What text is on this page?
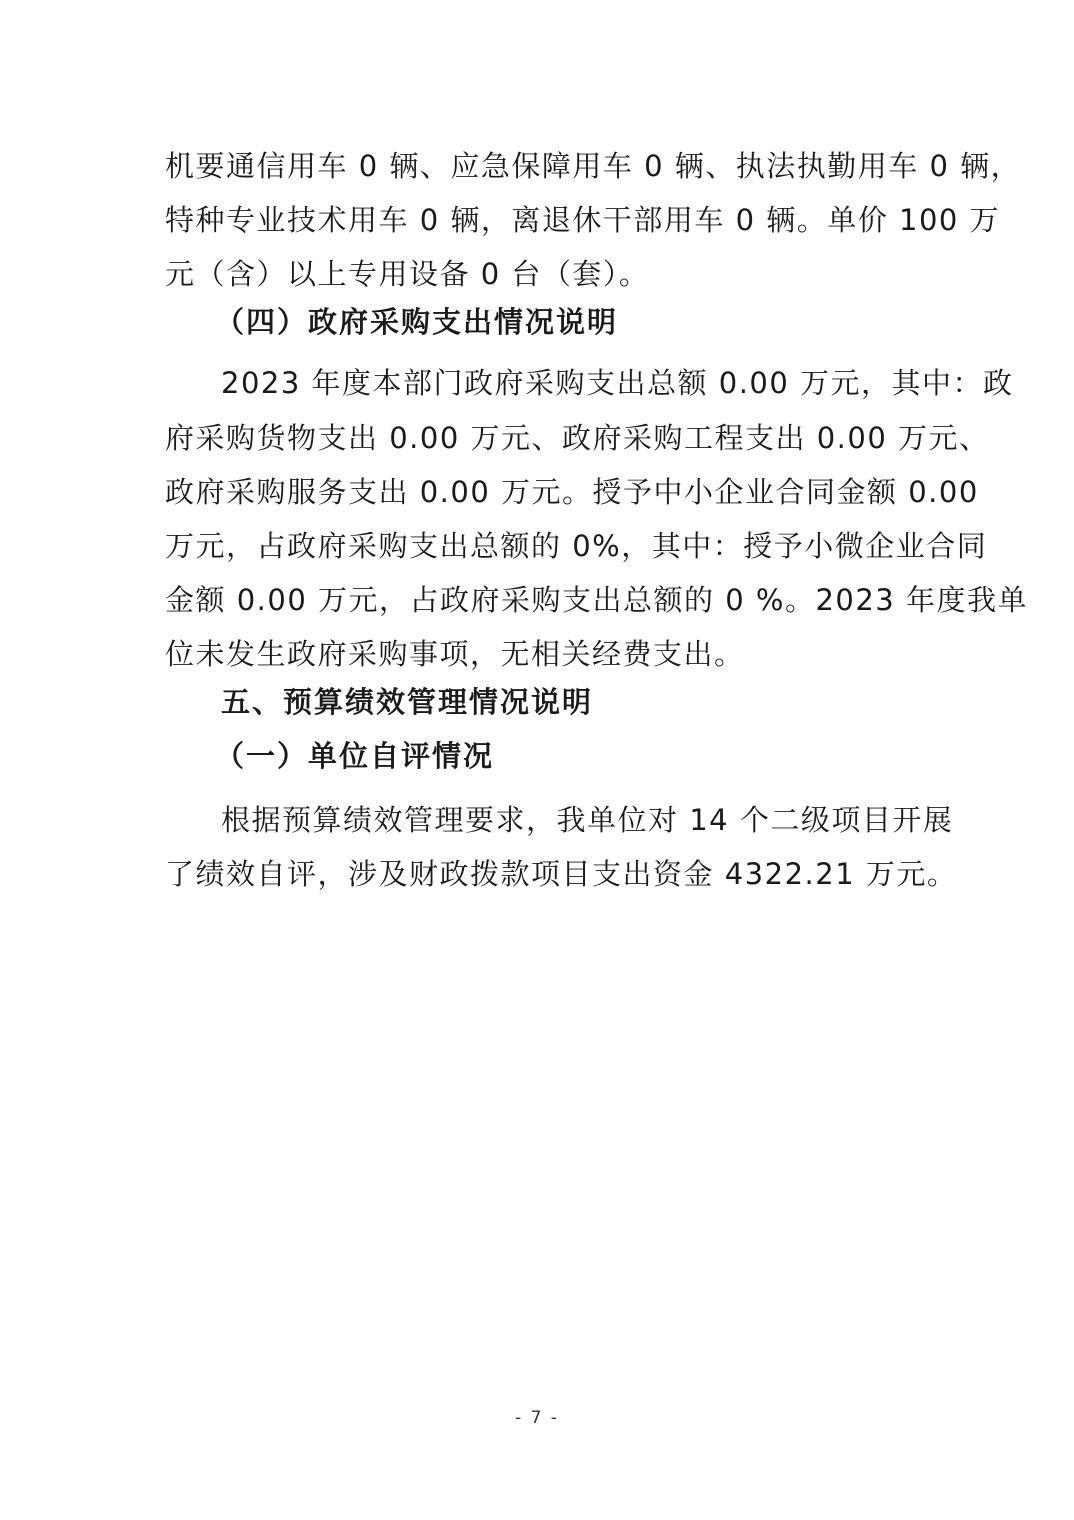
机要通信用车 0 辆、应急保障用车 0 辆、执法执勤用车 0 辆，
特种专业技术用车 0 辆，离退休干部用车 0 辆。单价 100 万
元（含）以上专用设备 0 台（套）。
（四）政府采购支出情况说明
2023 年度本部门政府采购支出总额 0.00 万元，其中：政
府采购货物支出 0.00 万元、政府采购工程支出 0.00 万元、
政府采购服务支出 0.00 万元。授予中小企业合同金额 0.00
万元，占政府采购支出总额的 0%，其中：授予小微企业合同
金额 0.00 万元，占政府采购支出总额的 0 %。2023 年度我单
位未发生政府采购事项，无相关经费支出。
五、预算绩效管理情况说明
（一）单位自评情况
根据预算绩效管理要求，我单位对 14 个二级项目开展
了绩效自评，涉及财政拨款项目支出资金 4322.21 万元。
- 7 -
